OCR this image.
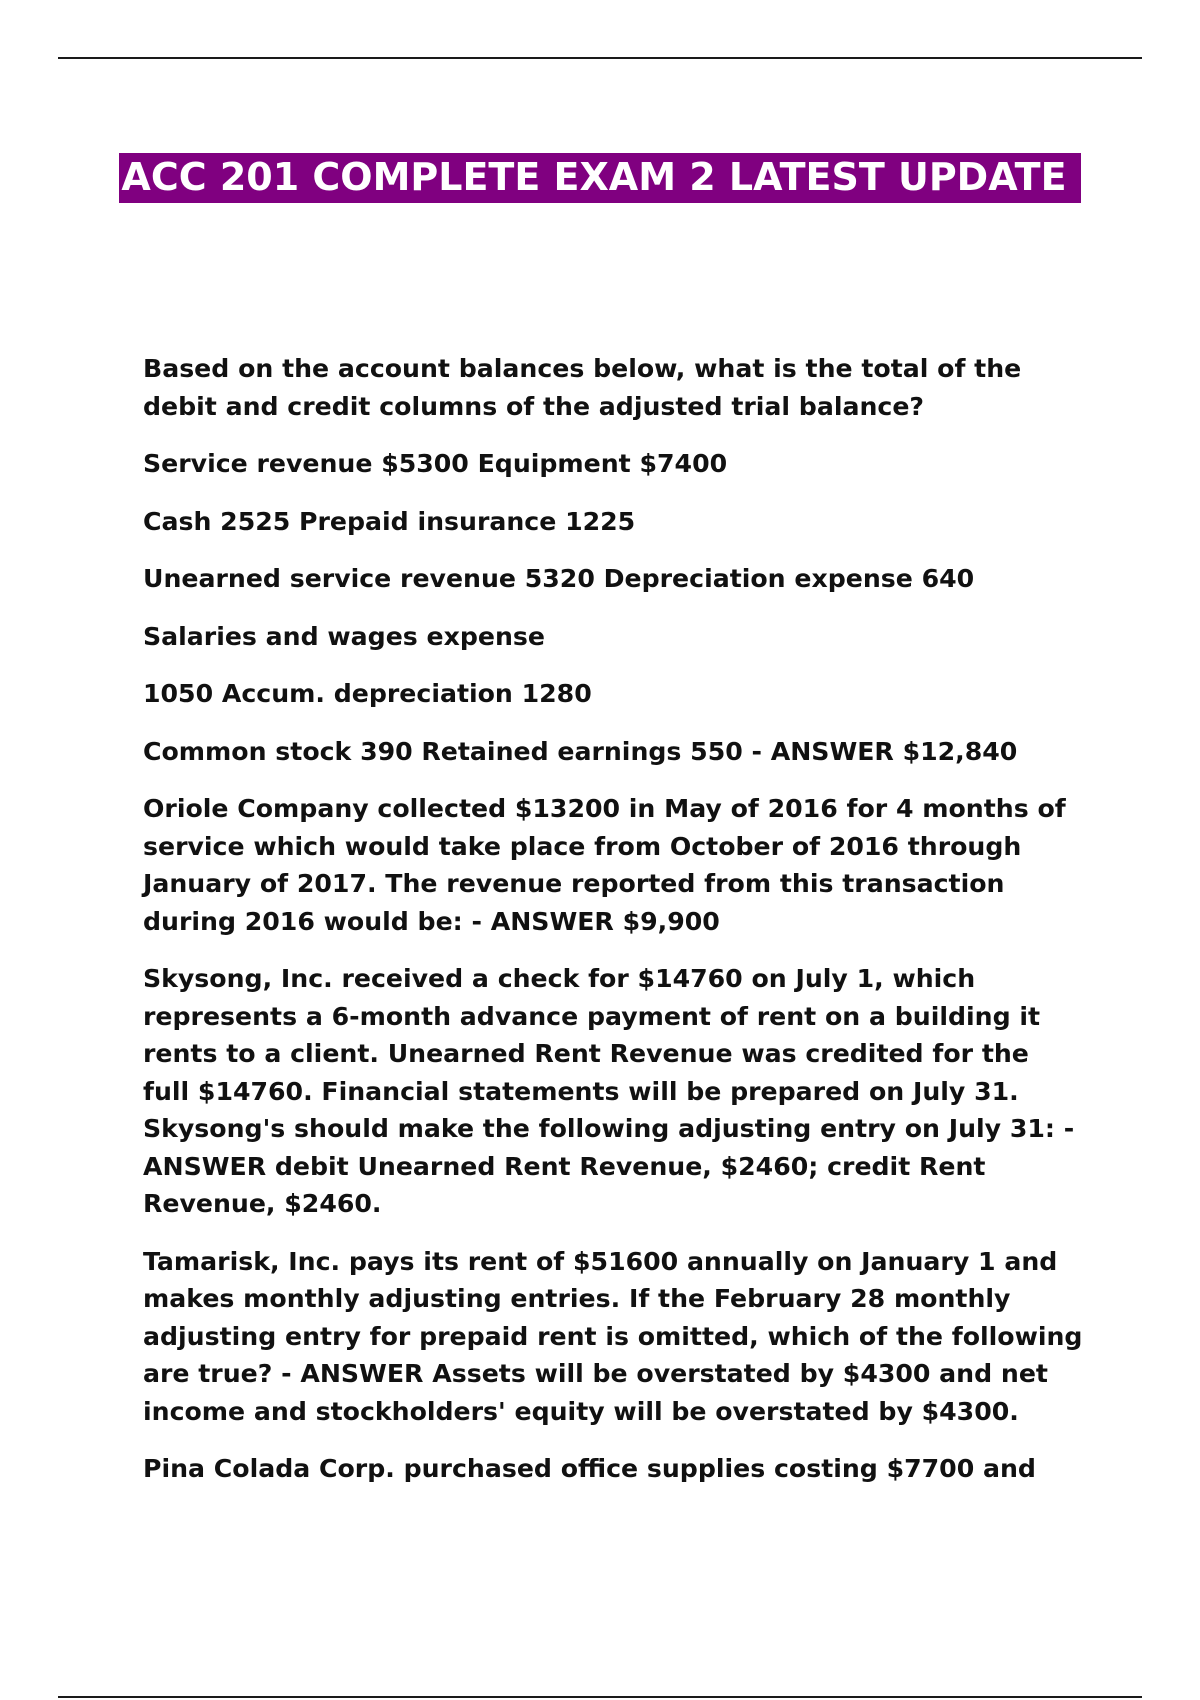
ACC 201 COMPLETE EXAM 2 LATEST UPDATE

Based on the account balances below, what is the total of the debit and credit columns of the adjusted trial balance?

Service revenue $5300 Equipment $7400

Cash 2525 Prepaid insurance 1225

Unearned service revenue 5320 Depreciation expense 640

Salaries and wages expense

1050 Accum. depreciation 1280

Common stock 390 Retained earnings 550 - ANSWER $12,840

Oriole Company collected $13200 in May of 2016 for 4 months of service which would take place from October of 2016 through January of 2017. The revenue reported from this transaction during 2016 would be: - ANSWER $9,900

Skysong, Inc. received a check for $14760 on July 1, which represents a 6-month advance payment of rent on a building it rents to a client. Unearned Rent Revenue was credited for the full $14760. Financial statements will be prepared on July 31. Skysong's should make the following adjusting entry on July 31: - ANSWER debit Unearned Rent Revenue, $2460; credit Rent Revenue, $2460.

Tamarisk, Inc. pays its rent of $51600 annually on January 1 and makes monthly adjusting entries. If the February 28 monthly adjusting entry for prepaid rent is omitted, which of the following are true? - ANSWER Assets will be overstated by $4300 and net income and stockholders' equity will be overstated by $4300.

Pina Colada Corp. purchased office supplies costing $7700 and
